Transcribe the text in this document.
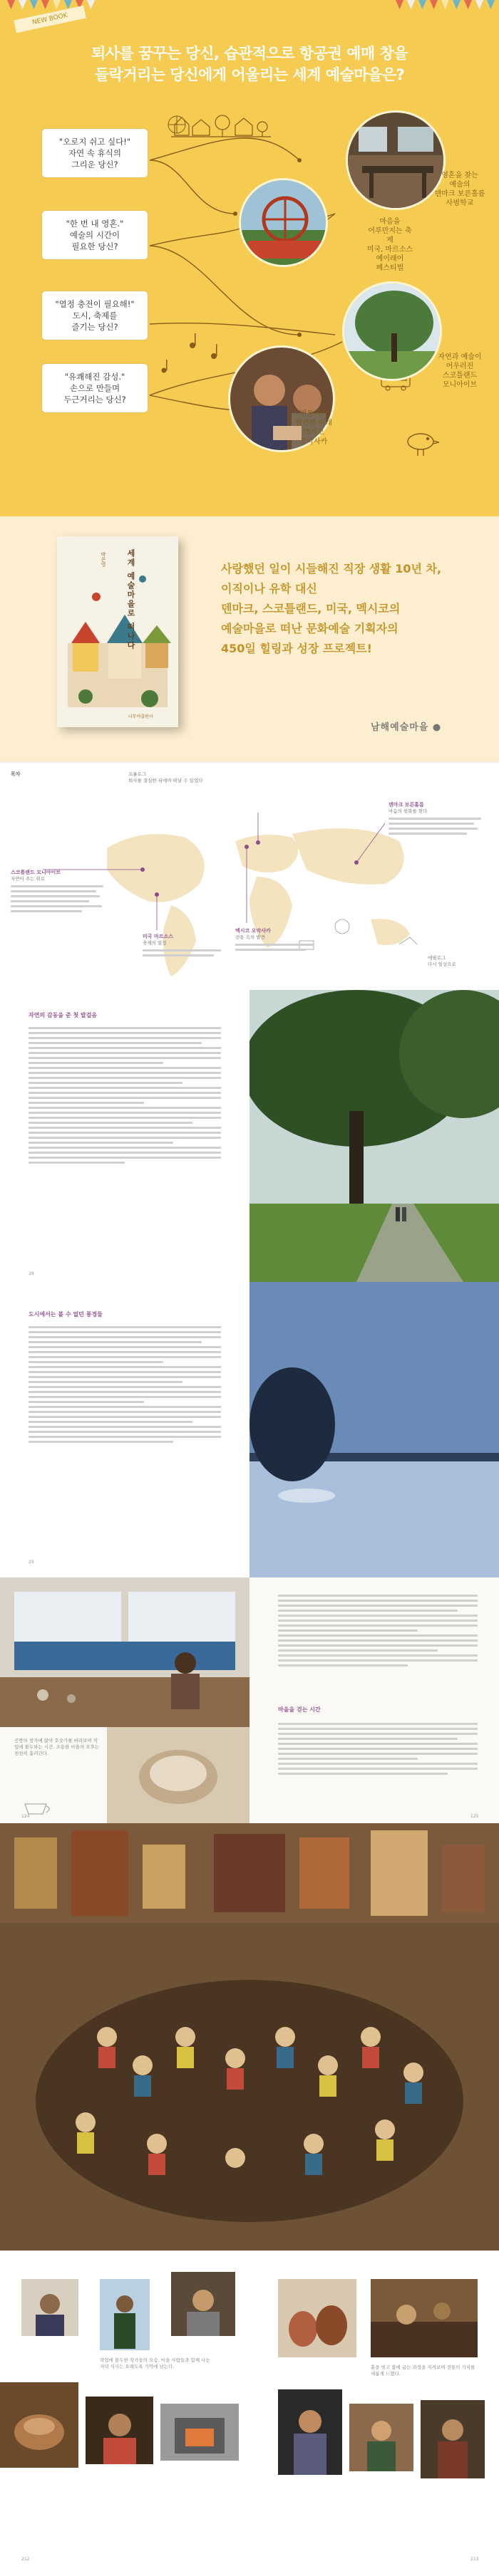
NEW BOOK
퇴사를 꿈꾸는 당신, 습관적으로 항공권 예매 창을
들락거리는 당신에게 어울리는 세계 예술마을은?
"오로지 쉬고 싶다!"
자연 속 휴식의
그리운 당신?
"한 번 내 영혼."
예술의 시간이
필요한 당신?
"열정 충전이 필요해!"
도시, 축제를
즐기는 당신?
"유쾌해진 감성."
손으로 만들며
두근거리는 당신?
영혼을 찾는
예술의
덴마크 보른홀름
사범학교
마음을
어루만지는 축제
미국, 마르소스
예이래어
페스티벌
자연과 예술이
어우러진
스코틀랜드
모니아이브
전통에서
발견한 미래
멕시코
오악사카
세계 예술마을로 떠나다
박은영
나무야출판사
사랑했던 일이 시들해진 직장 생활 10년 차,
이직이나 유학 대신
덴마크, 스코틀랜드, 미국, 멕시코의
예술마을로 떠난 문화예술 기획자의
450일 힐링과 성장 프로젝트!
남해예술마을 ●
목차	프롤로그
퇴사를 결심한 뒤에야 떠날 수 있었다
스코틀랜드 모니아이브
자연이 주는 위로
덴마크 보른홀름
마음의 평화를 찾다
미국 마르소스
축제의 열정
멕시코 오악사카
전통 속의 발견
에필로그
다시 일상으로
자연의 감동을 준 첫 발걸음
28
도시에서는 볼 수 없던 풍경들
29
공방의 창가에 앉아 호숫가를 바라보며 작업에 몰두하는 시간. 조용한 마을의 오후는 천천히 흘러간다.
마을을 걷는 시간
124	125
작업에 몰두한 작가들의 모습. 마을 사람들과 함께 나눈 저녁 식사는 오래도록 기억에 남는다.	흙을 빚고 불에 굽는 과정을 지켜보며 전통의 가치를 새롭게 느꼈다.
212	213
